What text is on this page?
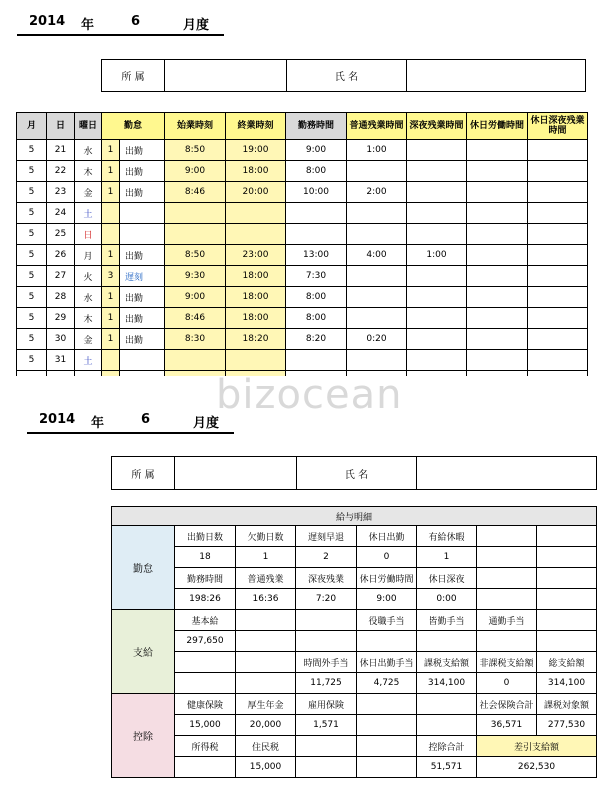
2014 年	6	月度
所 属		氏 名	
月	日	曜日	勤怠		始業時刻	終業時刻	勤務時間	普通残業時間	深夜残業時間	休日労働時間	休日深夜残業時間
5	21	水	1	出勤	8:50	19:00	9:00	1:00			
5	22	木	1	出勤	9:00	18:00	8:00				
5	23	金	1	出勤	8:46	20:00	10:00	2:00			
5	24	土									
5	25	日									
5	26	月	1	出勤	8:50	23:00	13:00	4:00	1:00		
5	27	火	3	遅刻	9:30	18:00	7:30				
5	28	水	1	出勤	9:00	18:00	8:00				
5	29	木	1	出勤	8:46	18:00	8:00				
5	30	金	1	出勤	8:30	18:20	8:20	0:20			
5	31	土									

bizocean
2014 年	6	月度
所 属		氏 名	
給与明細							
勤怠	出勤日数	欠勤日数	遅刻早退	休日出勤	有給休暇		
	18	1	2	0	1		
	勤務時間	普通残業	深夜残業	休日労働時間	休日深夜		
	198:26	16:36	7:20	9:00	0:00		
支給	基本給			役職手当	皆勤手当	通勤手当	
	297,650						
			時間外手当	休日出勤手当	課税支給額	非課税支給額	総支給額
			11,725	4,725	314,100	0	314,100
控除	健康保険	厚生年金	雇用保険			社会保険合計	課税対象額
	15,000	20,000	1,571			36,571	277,530
	所得税	住民税			控除合計	差引支給額	
		15,000			51,571	262,530	
